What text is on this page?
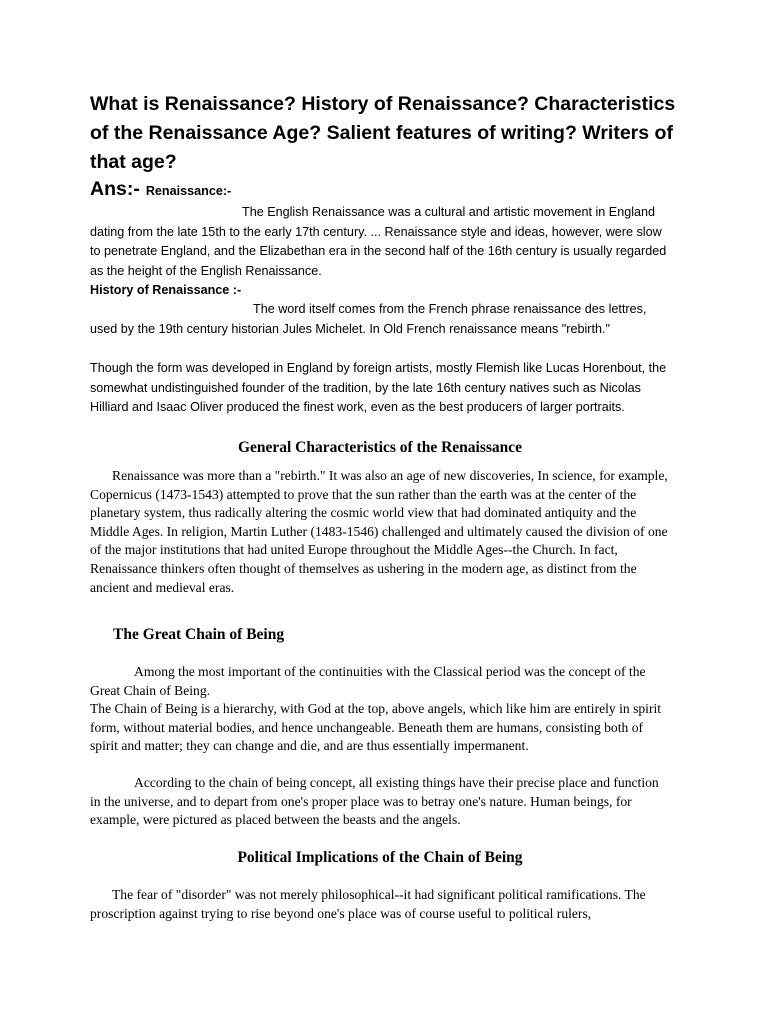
What is Renaissance? History of Renaissance? Characteristics of the Renaissance Age? Salient features of writing? Writers of that age?
Ans:- Renaissance:-

The English Renaissance was a cultural and artistic movement in England dating from the late 15th to the early 17th century. ... Renaissance style and ideas, however, were slow to penetrate England, and the Elizabethan era in the second half of the 16th century is usually regarded as the height of the English Renaissance.

History of Renaissance :-

The word itself comes from the French phrase renaissance des lettres, used by the 19th century historian Jules Michelet. In Old French renaissance means "rebirth."

Though the form was developed in England by foreign artists, mostly Flemish like Lucas Horenbout, the somewhat undistinguished founder of the tradition, by the late 16th century natives such as Nicolas Hilliard and Isaac Oliver produced the finest work, even as the best producers of larger portraits.

General Characteristics of the Renaissance

Renaissance was more than a "rebirth." It was also an age of new discoveries, In science, for example, Copernicus (1473-1543) attempted to prove that the sun rather than the earth was at the center of the planetary system, thus radically altering the cosmic world view that had dominated antiquity and the Middle Ages. In religion, Martin Luther (1483-1546) challenged and ultimately caused the division of one of the major institutions that had united Europe throughout the Middle Ages--the Church. In fact, Renaissance thinkers often thought of themselves as ushering in the modern age, as distinct from the ancient and medieval eras.

The Great Chain of Being

Among the most important of the continuities with the Classical period was the concept of the Great Chain of Being.

The Chain of Being is a hierarchy, with God at the top, above angels, which like him are entirely in spirit form, without material bodies, and hence unchangeable. Beneath them are humans, consisting both of spirit and matter; they can change and die, and are thus essentially impermanent.

According to the chain of being concept, all existing things have their precise place and function in the universe, and to depart from one's proper place was to betray one's nature. Human beings, for example, were pictured as placed between the beasts and the angels.

Political Implications of the Chain of Being

The fear of "disorder" was not merely philosophical--it had significant political ramifications. The proscription against trying to rise beyond one's place was of course useful to political rulers,
